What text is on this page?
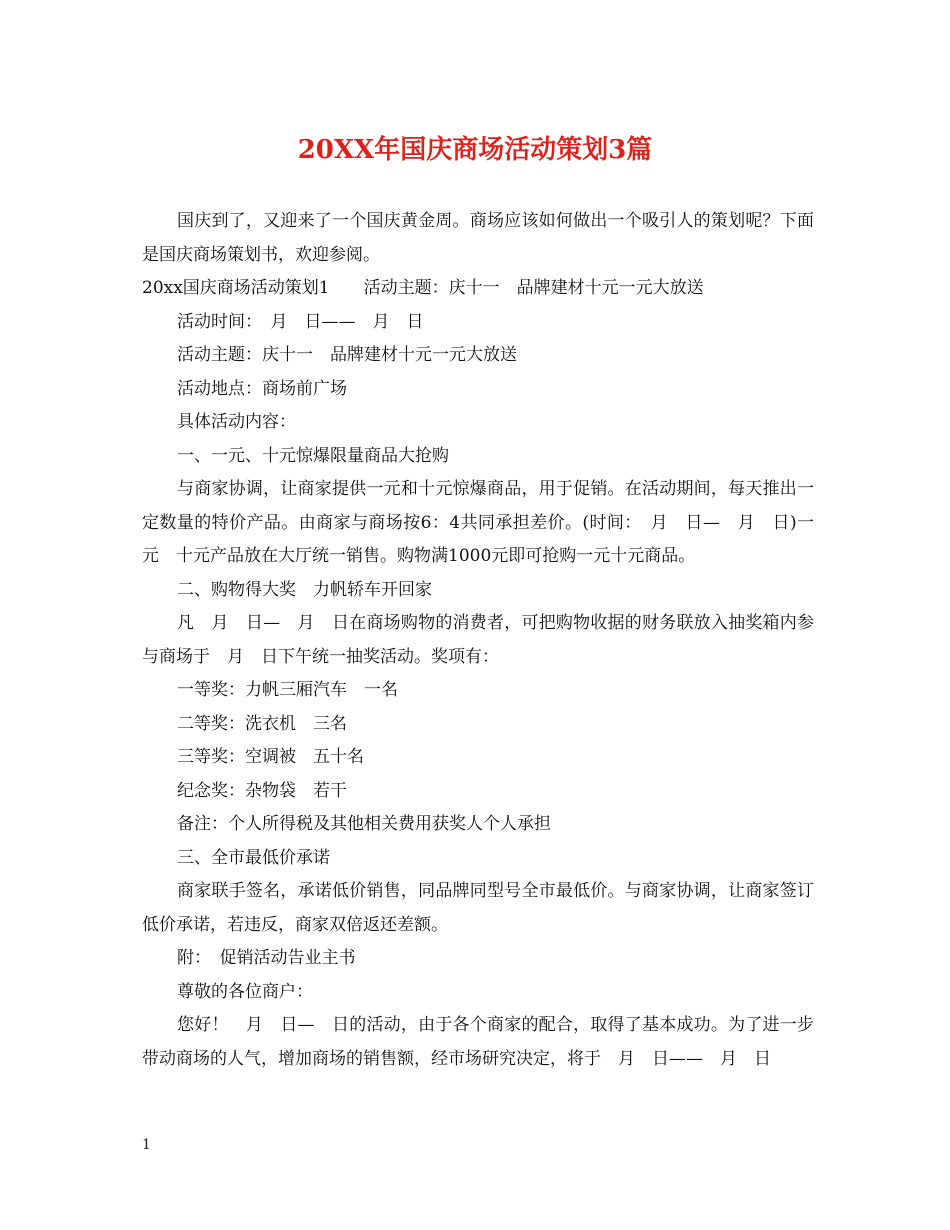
20XX年国庆商场活动策划3篇

国庆到了，又迎来了一个国庆黄金周。商场应该如何做出一个吸引人的策划呢？下面是国庆商场策划书，欢迎参阅。

20xx国庆商场活动策划1　　活动主题：庆十一　品牌建材十元一元大放送

活动时间：　月　日——　月　日

活动主题：庆十一　品牌建材十元一元大放送

活动地点：商场前广场

具体活动内容：

一、一元、十元惊爆限量商品大抢购

与商家协调，让商家提供一元和十元惊爆商品，用于促销。在活动期间，每天推出一定数量的特价产品。由商家与商场按6：4共同承担差价。(时间：　月　日—　月　日)一元　十元产品放在大厅统一销售。购物满1000元即可抢购一元十元商品。

二、购物得大奖　力帆轿车开回家

凡　月　日—　月　日在商场购物的消费者，可把购物收据的财务联放入抽奖箱内参与商场于　月　日下午统一抽奖活动。奖项有：

一等奖：力帆三厢汽车　一名

二等奖：洗衣机　三名

三等奖：空调被　五十名

纪念奖：杂物袋　若干

备注：个人所得税及其他相关费用获奖人个人承担

三、全市最低价承诺

商家联手签名，承诺低价销售，同品牌同型号全市最低价。与商家协调，让商家签订低价承诺，若违反，商家双倍返还差额。

附：　促销活动告业主书

尊敬的各位商户：

您好！　月　日—　日的活动，由于各个商家的配合，取得了基本成功。为了进一步带动商场的人气，增加商场的销售额，经市场研究决定，将于　月　日——　月　日

1
